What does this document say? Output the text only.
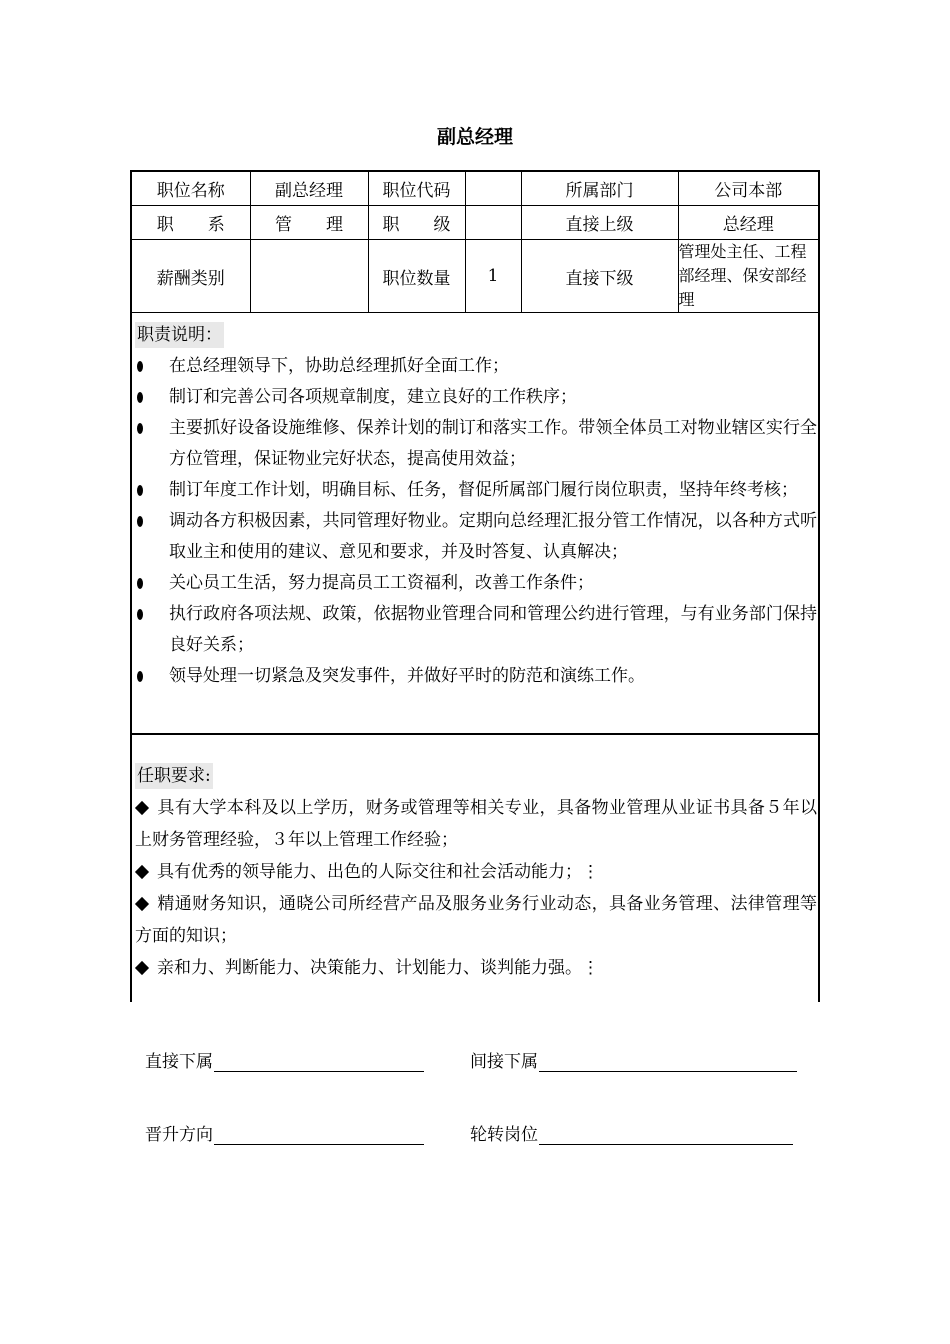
副总经理
职位名称	副总经理	职位代码		所属部门	公司本部
职　　系	管　　理	职　　级		直接上级	总经理
薪酬类别		职位数量	1	直接下级	管理处主任、工程部经理、保安部经理
职责说明：
在总经理领导下，协助总经理抓好全面工作；
制订和完善公司各项规章制度，建立良好的工作秩序；
主要抓好设备设施维修、保养计划的制订和落实工作。带领全体员工对物业辖区实行全方位管理，保证物业完好状态，提高使用效益；
制订年度工作计划，明确目标、任务，督促所属部门履行岗位职责，坚持年终考核；
调动各方积极因素，共同管理好物业。定期向总经理汇报分管工作情况，以各种方式听取业主和使用的建议、意见和要求，并及时答复、认真解决；
关心员工生活，努力提高员工工资福利，改善工作条件；
执行政府各项法规、政策，依据物业管理合同和管理公约进行管理，与有业务部门保持良好关系；
领导处理一切紧急及突发事件，并做好平时的防范和演练工作。
任职要求:
具有大学本科及以上学历，财务或管理等相关专业，具备物业管理从业证书具备５年以上财务管理经验，３年以上管理工作经验；
具有优秀的领导能力、出色的人际交往和社会活动能力；⋮
精通财务知识，通晓公司所经营产品及服务业务行业动态，具备业务管理、法律管理等方面的知识；
亲和力、判断能力、决策能力、计划能力、谈判能力强。⋮
直接下属	间接下属
晋升方向	轮转岗位
